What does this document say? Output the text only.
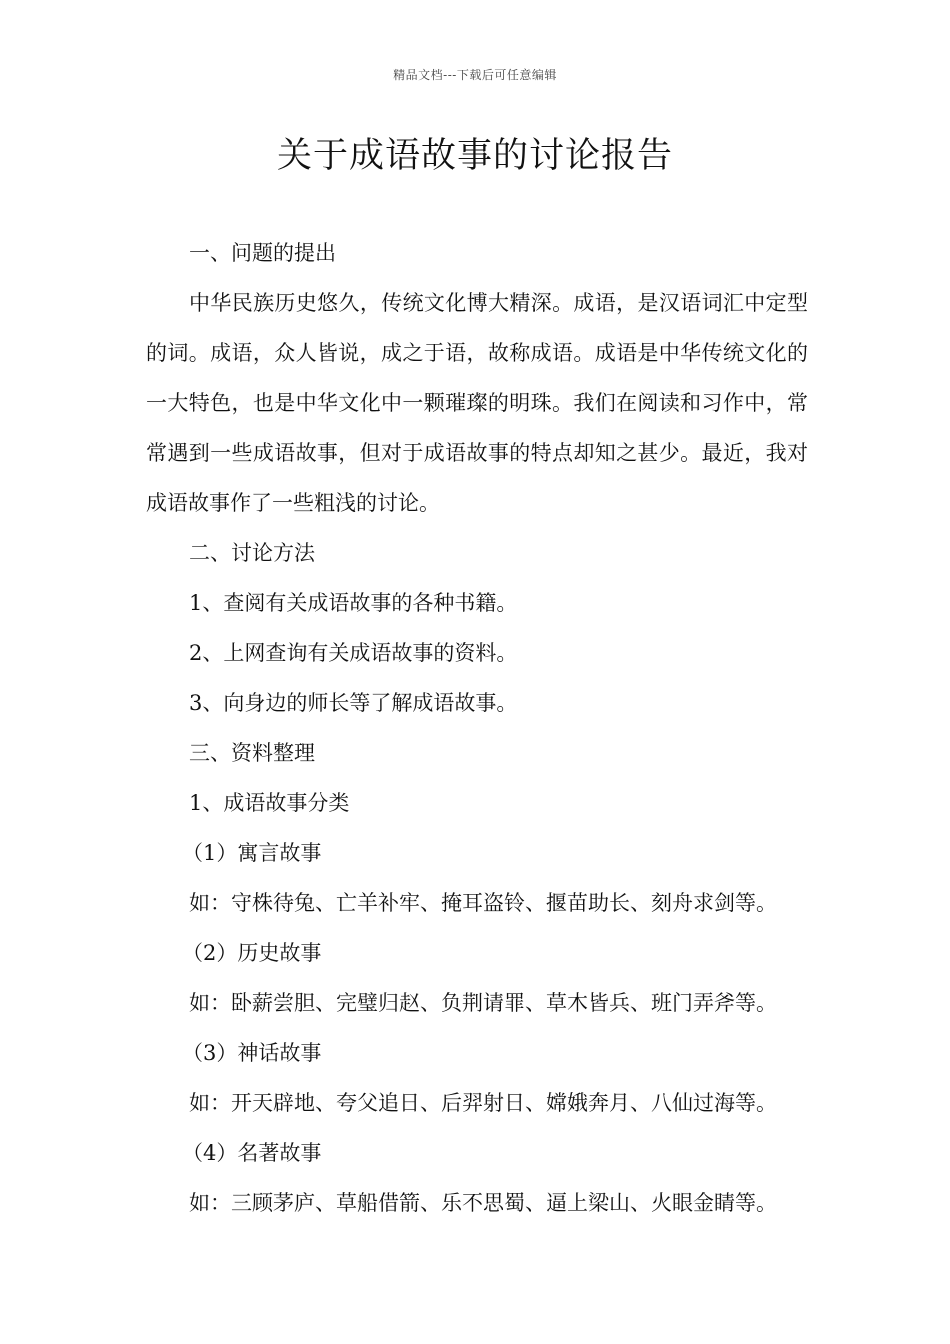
精品文档---下载后可任意编辑
关于成语故事的讨论报告
一、问题的提出

中华民族历史悠久，传统文化博大精深。成语，是汉语词汇中定型的词。成语，众人皆说，成之于语，故称成语。成语是中华传统文化的一大特色，也是中华文化中一颗璀璨的明珠。我们在阅读和习作中，常常遇到一些成语故事，但对于成语故事的特点却知之甚少。最近，我对成语故事作了一些粗浅的讨论。

二、讨论方法
1、查阅有关成语故事的各种书籍。
2、上网查询有关成语故事的资料。
3、向身边的师长等了解成语故事。
三、资料整理
1、成语故事分类
（1）寓言故事
如：守株待兔、亡羊补牢、掩耳盗铃、揠苗助长、刻舟求剑等。
（2）历史故事
如：卧薪尝胆、完璧归赵、负荆请罪、草木皆兵、班门弄斧等。
（3）神话故事
如：开天辟地、夸父追日、后羿射日、嫦娥奔月、八仙过海等。
（4）名著故事
如：三顾茅庐、草船借箭、乐不思蜀、逼上梁山、火眼金睛等。
